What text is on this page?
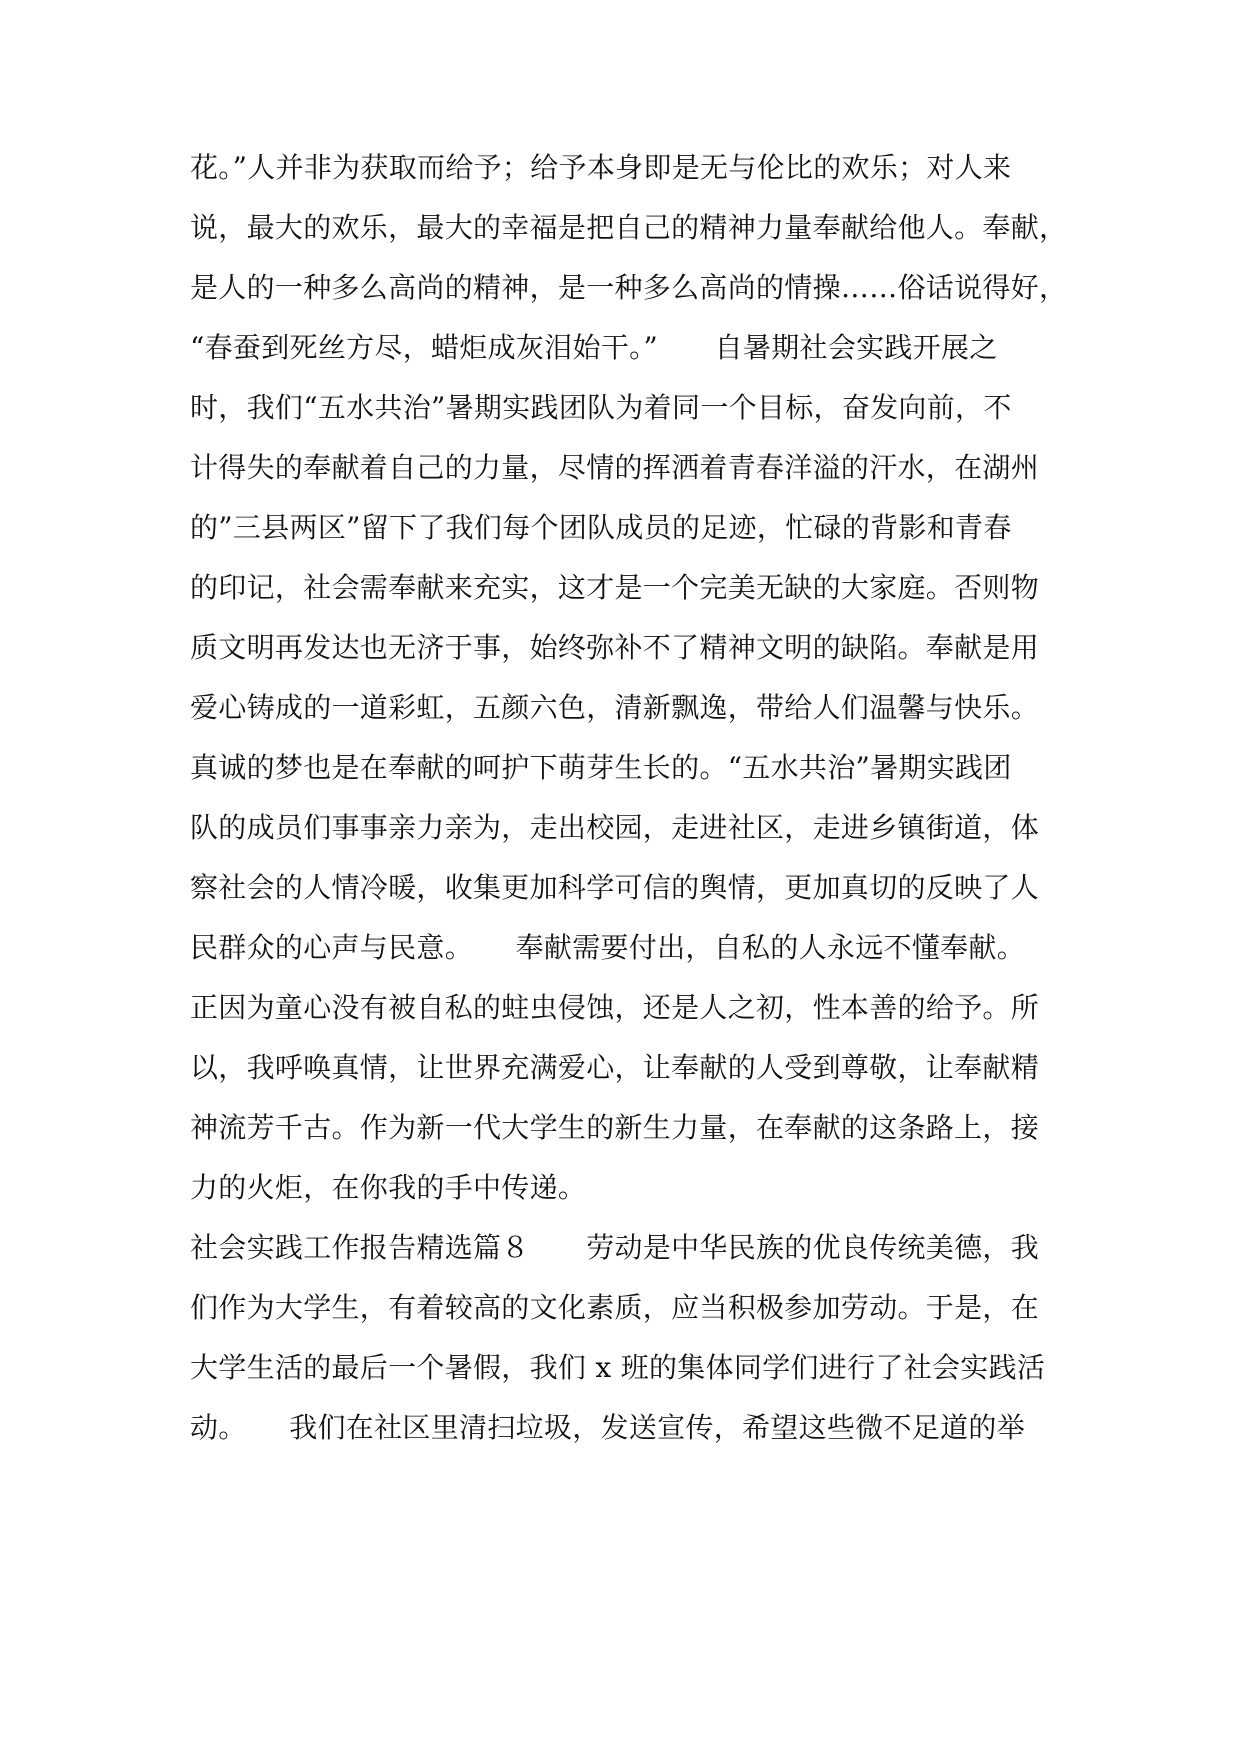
花。”人并非为获取而给予；给予本身即是无与伦比的欢乐；对人来
说，最大的欢乐，最大的幸福是把自己的精神力量奉献给他人。奉献，
是人的一种多么高尚的精神，是一种多么高尚的情操……俗话说得好，
“春蚕到死丝方尽，蜡炬成灰泪始干。”　　自暑期社会实践开展之
时，我们“五水共治”暑期实践团队为着同一个目标，奋发向前，不
计得失的奉献着自己的力量，尽情的挥洒着青春洋溢的汗水，在湖州
的”三县两区”留下了我们每个团队成员的足迹，忙碌的背影和青春
的印记，社会需奉献来充实，这才是一个完美无缺的大家庭。否则物
质文明再发达也无济于事，始终弥补不了精神文明的缺陷。奉献是用
爱心铸成的一道彩虹，五颜六色，清新飘逸，带给人们温馨与快乐。
真诚的梦也是在奉献的呵护下萌芽生长的。“五水共治”暑期实践团
队的成员们事事亲力亲为，走出校园，走进社区，走进乡镇街道，体
察社会的人情冷暖，收集更加科学可信的舆情，更加真切的反映了人
民群众的心声与民意。　　奉献需要付出，自私的人永远不懂奉献。
正因为童心没有被自私的蛀虫侵蚀，还是人之初，性本善的给予。所
以，我呼唤真情，让世界充满爱心，让奉献的人受到尊敬，让奉献精
神流芳千古。作为新一代大学生的新生力量，在奉献的这条路上，接
力的火炬，在你我的手中传递。
社会实践工作报告精选篇８　　劳动是中华民族的优良传统美德，我
们作为大学生，有着较高的文化素质，应当积极参加劳动。于是，在
大学生活的最后一个暑假，我们 x 班的集体同学们进行了社会实践活
动。　　我们在社区里清扫垃圾，发送宣传，希望这些微不足道的举
